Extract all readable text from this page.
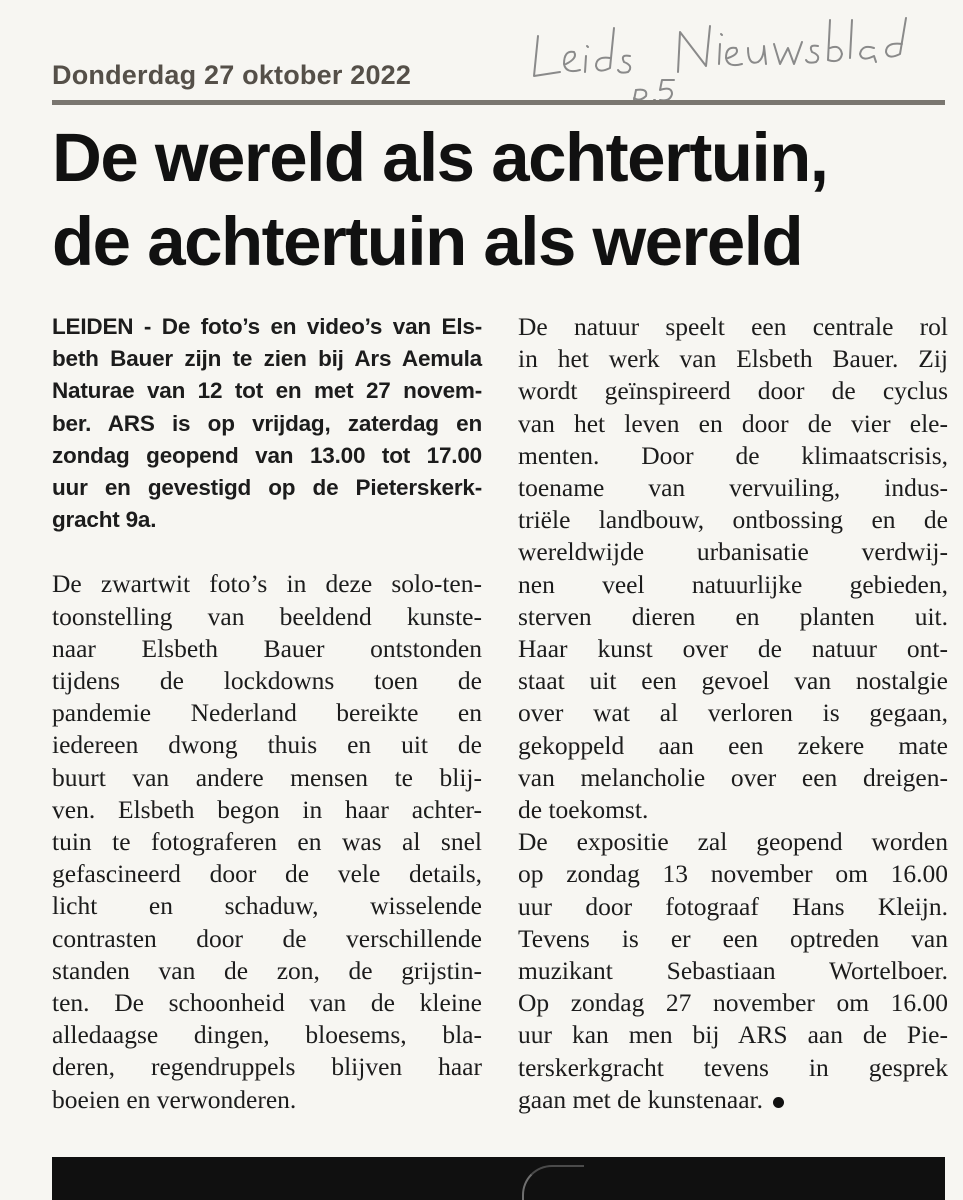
Donderdag 27 oktober 2022
De wereld als achtertuin,
de achtertuin als wereld
LEIDEN - De foto’s en video’s van Els-
beth Bauer zijn te zien bij Ars Aemula
Naturae van 12 tot en met 27 novem-
ber. ARS is op vrijdag, zaterdag en
zondag geopend van 13.00 tot 17.00
uur en gevestigd op de Pieterskerk-
gracht 9a.
De zwartwit foto’s in deze solo-ten-
toonstelling van beeldend kunste-
naar Elsbeth Bauer ontstonden
tijdens de lockdowns toen de
pandemie Nederland bereikte en
iedereen dwong thuis en uit de
buurt van andere mensen te blij-
ven. Elsbeth begon in haar achter-
tuin te fotograferen en was al snel
gefascineerd door de vele details,
licht en schaduw, wisselende
contrasten door de verschillende
standen van de zon, de grijstin-
ten. De schoonheid van de kleine
alledaagse dingen, bloesems, bla-
deren, regendruppels blijven haar
boeien en verwonderen.
De natuur speelt een centrale rol
in het werk van Elsbeth Bauer. Zij
wordt geïnspireerd door de cyclus
van het leven en door de vier ele-
menten. Door de klimaatscrisis,
toename van vervuiling, indus-
triële landbouw, ontbossing en de
wereldwijde urbanisatie verdwij-
nen veel natuurlijke gebieden,
sterven dieren en planten uit.
Haar kunst over de natuur ont-
staat uit een gevoel van nostalgie
over wat al verloren is gegaan,
gekoppeld aan een zekere mate
van melancholie over een dreigen-
de toekomst.
De expositie zal geopend worden
op zondag 13 november om 16.00
uur door fotograaf Hans Kleijn.
Tevens is er een optreden van
muzikant Sebastiaan Wortelboer.
Op zondag 27 november om 16.00
uur kan men bij ARS aan de Pie-
terskerkgracht tevens in gesprek
gaan met de kunstenaar.
